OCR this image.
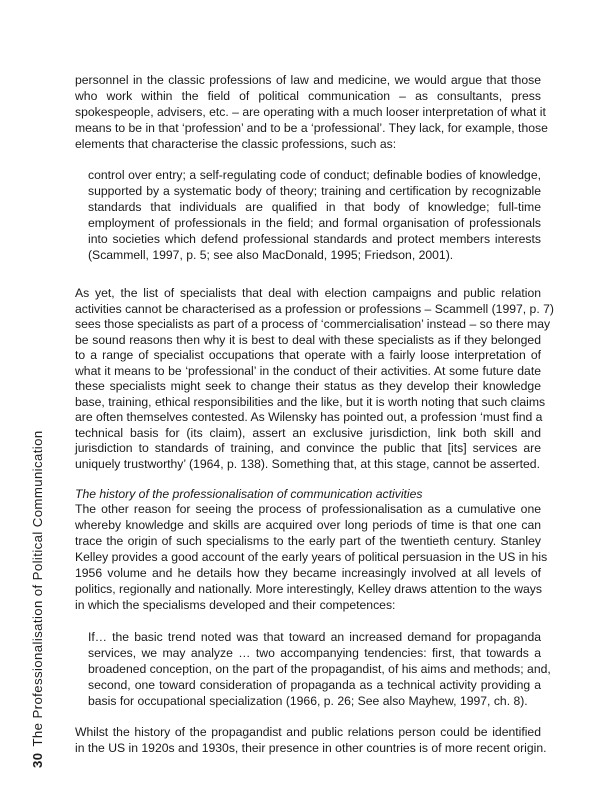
30The Professionalisation of Political Communication
personnel in the classic professions of law and medicine, we would argue that those
who work within the field of political communication – as consultants, press
spokespeople, advisers, etc. – are operating with a much looser interpretation of what it
means to be in that ‘profession’ and to be a ‘professional’. They lack, for example, those
elements that characterise the classic professions, such as:
control over entry; a self-regulating code of conduct; definable bodies of knowledge,
supported by a systematic body of theory; training and certification by recognizable
standards that individuals are qualified in that body of knowledge; full-time
employment of professionals in the field; and formal organisation of professionals
into societies which defend professional standards and protect members interests
(Scammell, 1997, p. 5; see also MacDonald, 1995; Friedson, 2001).
As yet, the list of specialists that deal with election campaigns and public relation
activities cannot be characterised as a profession or professions – Scammell (1997, p. 7)
sees those specialists as part of a process of ‘commercialisation’ instead – so there may
be sound reasons then why it is best to deal with these specialists as if they belonged
to a range of specialist occupations that operate with a fairly loose interpretation of
what it means to be ‘professional’ in the conduct of their activities. At some future date
these specialists might seek to change their status as they develop their knowledge
base, training, ethical responsibilities and the like, but it is worth noting that such claims
are often themselves contested. As Wilensky has pointed out, a profession ‘must find a
technical basis for (its claim), assert an exclusive jurisdiction, link both skill and
jurisdiction to standards of training, and convince the public that [its] services are
uniquely trustworthy’ (1964, p. 138). Something that, at this stage, cannot be asserted.
The history of the professionalisation of communication activities
The other reason for seeing the process of professionalisation as a cumulative one
whereby knowledge and skills are acquired over long periods of time is that one can
trace the origin of such specialisms to the early part of the twentieth century. Stanley
Kelley provides a good account of the early years of political persuasion in the US in his
1956 volume and he details how they became increasingly involved at all levels of
politics, regionally and nationally. More interestingly, Kelley draws attention to the ways
in which the specialisms developed and their competences:
If… the basic trend noted was that toward an increased demand for propaganda
services, we may analyze … two accompanying tendencies: first, that towards a
broadened conception, on the part of the propagandist, of his aims and methods; and,
second, one toward consideration of propaganda as a technical activity providing a
basis for occupational specialization (1966, p. 26; See also Mayhew, 1997, ch. 8).
Whilst the history of the propagandist and public relations person could be identified
in the US in 1920s and 1930s, their presence in other countries is of more recent origin.
